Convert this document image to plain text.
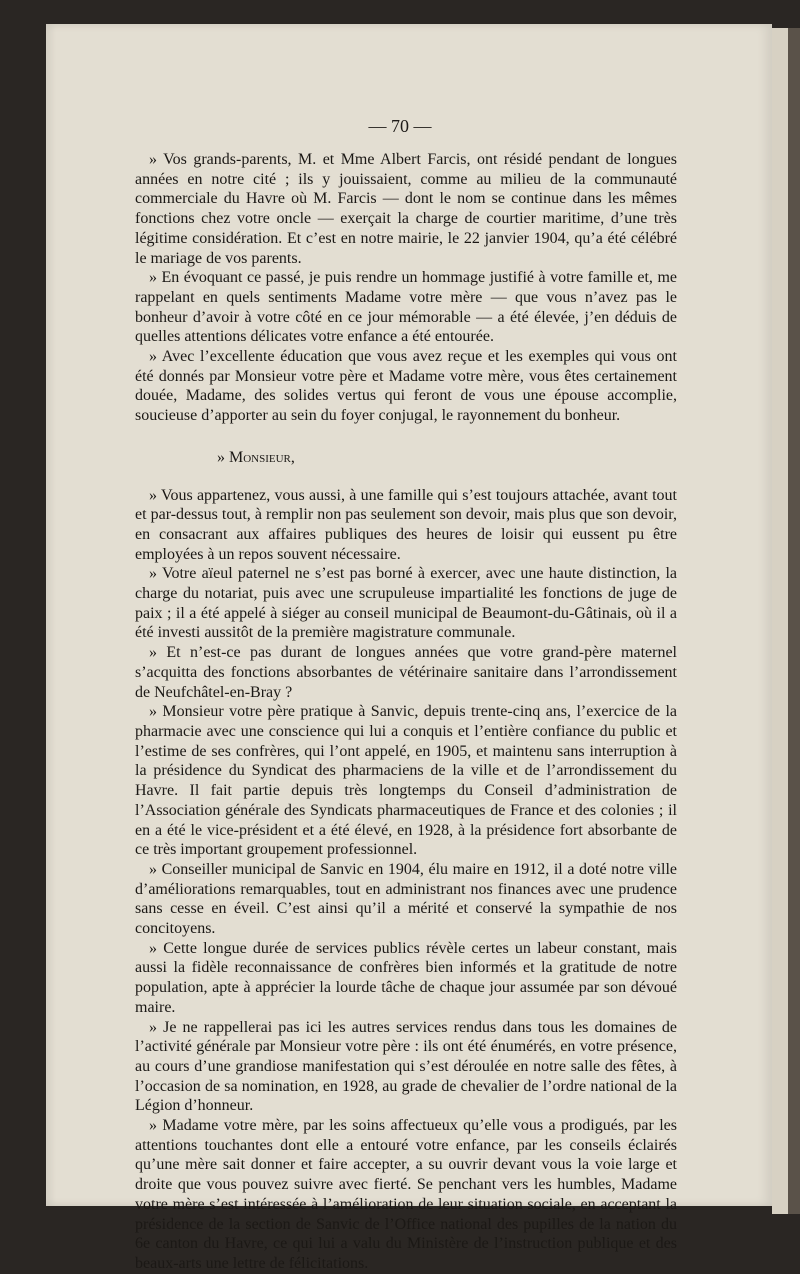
— 70 —

» Vos grands-parents, M. et Mme Albert Farcis, ont résidé pendant de longues années en notre cité ; ils y jouissaient, comme au milieu de la communauté commerciale du Havre où M. Farcis — dont le nom se continue dans les mêmes fonctions chez votre oncle — exerçait la charge de courtier maritime, d’une très légitime considération. Et c’est en notre mairie, le 22 janvier 1904, qu’a été célébré le mariage de vos parents.

» En évoquant ce passé, je puis rendre un hommage justifié à votre famille et, me rappelant en quels sentiments Madame votre mère — que vous n’avez pas le bonheur d’avoir à votre côté en ce jour mémorable — a été élevée, j’en déduis de quelles attentions délicates votre enfance a été entourée.

» Avec l’excellente éducation que vous avez reçue et les exemples qui vous ont été donnés par Monsieur votre père et Madame votre mère, vous êtes certainement douée, Madame, des solides vertus qui feront de vous une épouse accomplie, soucieuse d’apporter au sein du foyer conjugal, le rayonnement du bonheur.

» Monsieur,

» Vous appartenez, vous aussi, à une famille qui s’est toujours attachée, avant tout et par-dessus tout, à remplir non pas seulement son devoir, mais plus que son devoir, en consacrant aux affaires publiques des heures de loisir qui eussent pu être employées à un repos souvent nécessaire.

» Votre aïeul paternel ne s’est pas borné à exercer, avec une haute distinction, la charge du notariat, puis avec une scrupuleuse impartialité les fonctions de juge de paix ; il a été appelé à siéger au conseil municipal de Beaumont-du-Gâtinais, où il a été investi aussitôt de la première magistrature communale.

» Et n’est-ce pas durant de longues années que votre grand-père maternel s’acquitta des fonctions absorbantes de vétérinaire sanitaire dans l’arrondissement de Neufchâtel-en-Bray ?

» Monsieur votre père pratique à Sanvic, depuis trente-cinq ans, l’exercice de la pharmacie avec une conscience qui lui a conquis et l’entière confiance du public et l’estime de ses confrères, qui l’ont appelé, en 1905, et maintenu sans interruption à la présidence du Syndicat des pharmaciens de la ville et de l’arrondissement du Havre. Il fait partie depuis très longtemps du Conseil d’administration de l’Association générale des Syndicats pharmaceutiques de France et des colonies ; il en a été le vice-président et a été élevé, en 1928, à la présidence fort absorbante de ce très important groupement professionnel.

» Conseiller municipal de Sanvic en 1904, élu maire en 1912, il a doté notre ville d’améliorations remarquables, tout en administrant nos finances avec une prudence sans cesse en éveil. C’est ainsi qu’il a mérité et conservé la sympathie de nos concitoyens.

» Cette longue durée de services publics révèle certes un labeur constant, mais aussi la fidèle reconnaissance de confrères bien informés et la gratitude de notre population, apte à apprécier la lourde tâche de chaque jour assumée par son dévoué maire.

» Je ne rappellerai pas ici les autres services rendus dans tous les domaines de l’activité générale par Monsieur votre père : ils ont été énumérés, en votre présence, au cours d’une grandiose manifestation qui s’est déroulée en notre salle des fêtes, à l’occasion de sa nomination, en 1928, au grade de chevalier de l’ordre national de la Légion d’honneur.

» Madame votre mère, par les soins affectueux qu’elle vous a prodigués, par les attentions touchantes dont elle a entouré votre enfance, par les conseils éclairés qu’une mère sait donner et faire accepter, a su ouvrir devant vous la voie large et droite que vous pouvez suivre avec fierté. Se penchant vers les humbles, Madame votre mère s’est intéressée à l’amélioration de leur situation sociale, en acceptant la présidence de la section de Sanvic de l’Office national des pupilles de la nation du 6e canton du Havre, ce qui lui a valu du Ministère de l’instruction publique et des beaux-arts une lettre de félicitations.
